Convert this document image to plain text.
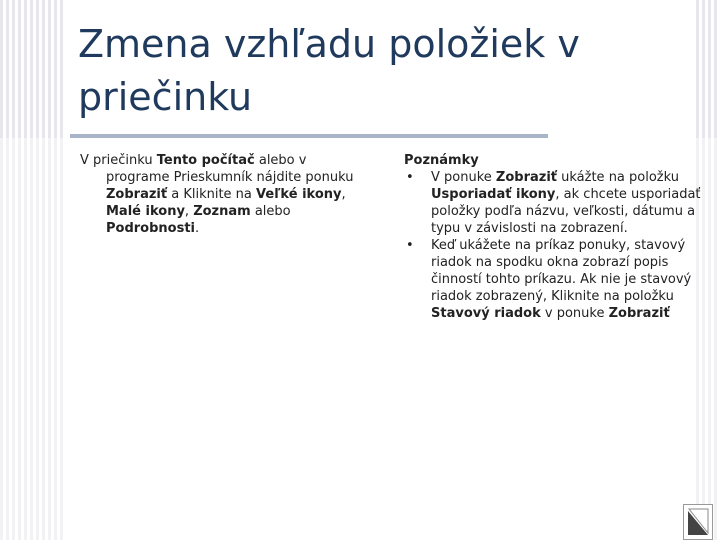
Zmena vzhľadu položiek v priečinku

V priečinku Tento počítač alebo v programe Prieskumník nájdite ponuku Zobraziť a Kliknite na Veľké ikony, Malé ikony, Zoznam alebo Podrobnosti.

Poznámky

• V ponuke Zobraziť ukážte na položku Usporiadať ikony, ak chcete usporiadať položky podľa názvu, veľkosti, dátumu a typu v závislosti na zobrazení.
• Keď ukážete na príkaz ponuky, stavový riadok na spodku okna zobrazí popis činností tohto príkazu. Ak nie je stavový riadok zobrazený, Kliknite na položku Stavový riadok v ponuke Zobraziť
